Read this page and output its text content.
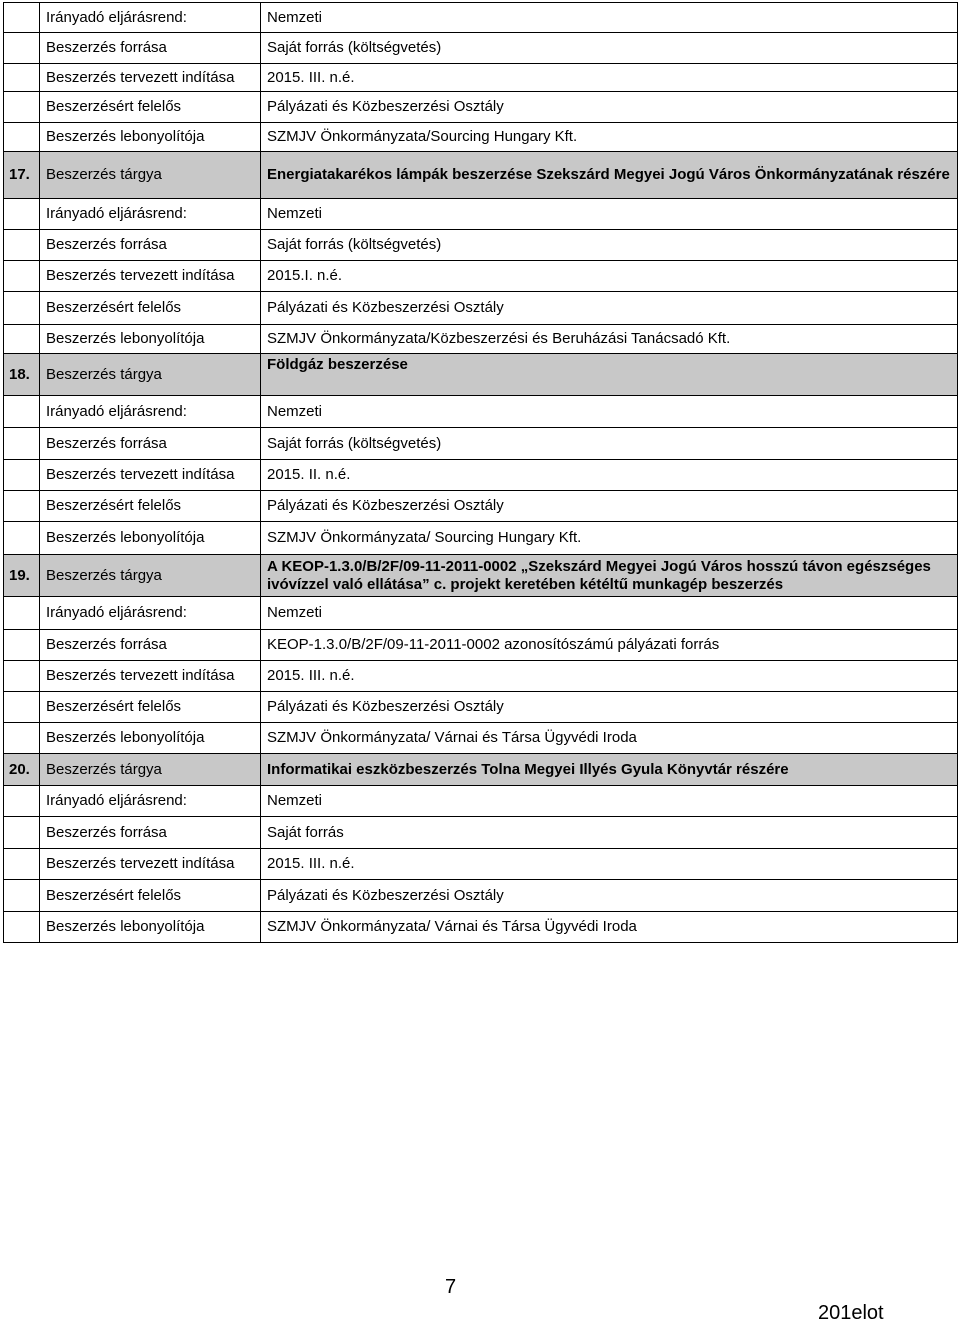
	Irányadó eljárásrend:	Nemzeti
	Beszerzés forrása	Saját forrás (költségvetés)
	Beszerzés tervezett indítása	2015. III. n.é.
	Beszerzésért felelős	Pályázati és Közbeszerzési Osztály
	Beszerzés lebonyolítója	SZMJV Önkormányzata/Sourcing Hungary Kft.
17.	Beszerzés tárgya	Energiatakarékos lámpák beszerzése Szekszárd Megyei Jogú Város Önkormányzatának részére
	Irányadó eljárásrend:	Nemzeti
	Beszerzés forrása	Saját forrás (költségvetés)
	Beszerzés tervezett indítása	2015.I. n.é.
	Beszerzésért felelős	Pályázati és Közbeszerzési Osztály
	Beszerzés lebonyolítója	SZMJV Önkormányzata/Közbeszerzési és Beruházási Tanácsadó Kft.
18.	Beszerzés tárgya	Földgáz beszerzése
	Irányadó eljárásrend:	Nemzeti
	Beszerzés forrása	Saját forrás (költségvetés)
	Beszerzés tervezett indítása	2015. II. n.é.
	Beszerzésért felelős	Pályázati és Közbeszerzési Osztály
	Beszerzés lebonyolítója	SZMJV Önkormányzata/ Sourcing Hungary Kft.
19.	Beszerzés tárgya	A KEOP-1.3.0/B/2F/09-11-2011-0002 „Szekszárd Megyei Jogú Város hosszú távon egészséges ivóvízzel való ellátása” c. projekt keretében kétéltű munkagép beszerzés
	Irányadó eljárásrend:	Nemzeti
	Beszerzés forrása	KEOP-1.3.0/B/2F/09-11-2011-0002 azonosítószámú pályázati forrás
	Beszerzés tervezett indítása	2015. III. n.é.
	Beszerzésért felelős	Pályázati és Közbeszerzési Osztály
	Beszerzés lebonyolítója	SZMJV Önkormányzata/ Várnai és Társa Ügyvédi Iroda
20.	Beszerzés tárgya	Informatikai eszközbeszerzés Tolna Megyei Illyés Gyula Könyvtár részére
	Irányadó eljárásrend:	Nemzeti
	Beszerzés forrása	Saját forrás
	Beszerzés tervezett indítása	2015. III. n.é.
	Beszerzésért felelős	Pályázati és Közbeszerzési Osztály
	Beszerzés lebonyolítója	SZMJV Önkormányzata/ Várnai és Társa Ügyvédi Iroda
7
201elot
